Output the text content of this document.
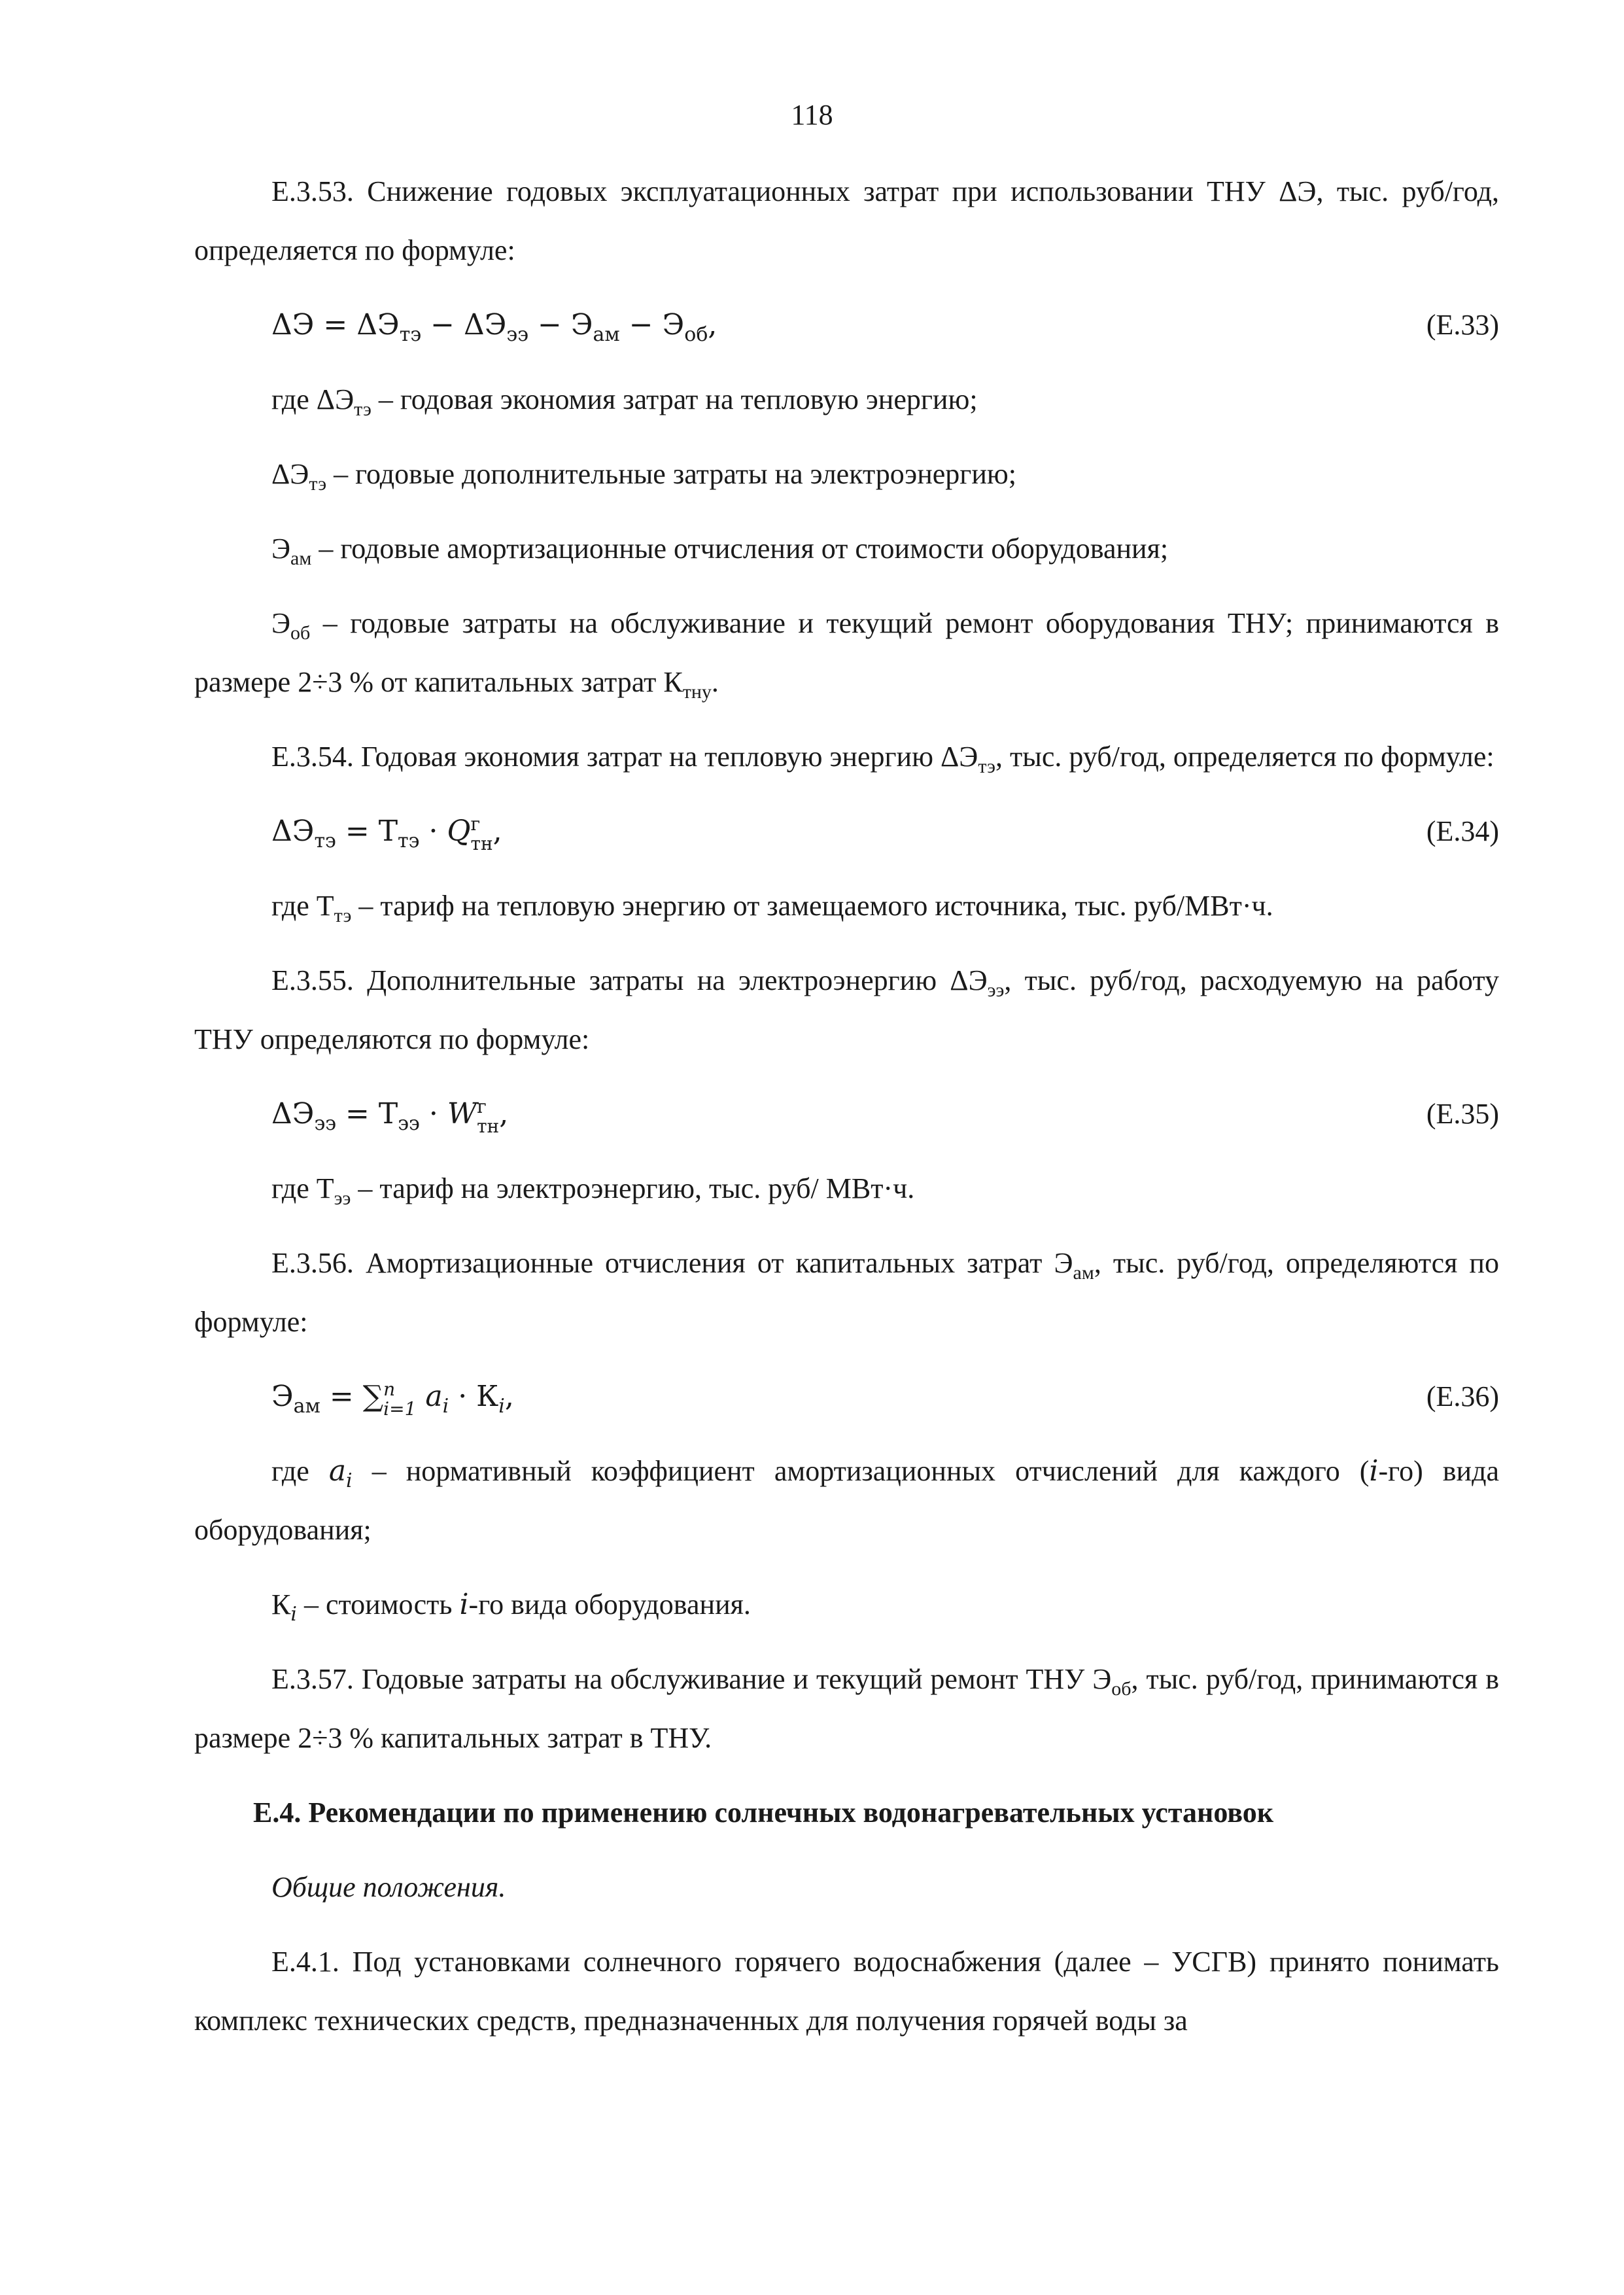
118

Е.3.53. Снижение годовых эксплуатационных затрат при использовании ТНУ ΔЭ, тыс. руб/год, определяется по формуле:

$\Delta Э = \Delta Э_{тэ} - \Delta Э_{ээ} - Э_{ам} - Э_{об}$,	(Е.33)

где $\Delta Э_{тэ}$ – годовая экономия затрат на тепловую энергию;

$\Delta Э_{тэ}$ – годовые дополнительные затраты на электроэнергию;

$Э_{ам}$ – годовые амортизационные отчисления от стоимости оборудования;

$Э_{об}$ – годовые затраты на обслуживание и текущий ремонт оборудования ТНУ; принимаются в размере 2÷3 % от капитальных затрат $К_{тну}$.

Е.3.54. Годовая экономия затрат на тепловую энергию $\Delta Э_{тэ}$, тыс. руб/год, определяется по формуле:

$\Delta Э_{тэ} = Т_{тэ} \cdot Q$ г
тн ,	(Е.34)

где $Т_{тэ}$ – тариф на тепловую энергию от замещаемого источника, тыс. руб/МВт·ч.

Е.3.55. Дополнительные затраты на электроэнергию $\Delta Э_{ээ}$, тыс. руб/год, расходуемую на работу ТНУ определяются по формуле:

$\Delta Э_{ээ} = Т_{ээ} \cdot W$ г
тн ,	(Е.35)

где $Т_{ээ}$ – тариф на электроэнергию, тыс. руб/ МВт·ч.

Е.3.56. Амортизационные отчисления от капитальных затрат $Э_{ам}$, тыс. руб/год, определяются по формуле:

$Э_{ам}$ = ∑ n
i=1 $a_i \cdot К_i$,	(Е.36)

где $a_i$ – нормативный коэффициент амортизационных отчислений для каждого (i-го) вида оборудования;

$К_i$ – стоимость i-го вида оборудования.

Е.3.57. Годовые затраты на обслуживание и текущий ремонт ТНУ $Э_{об}$, тыс. руб/год, принимаются в размере 2÷3 % капитальных затрат в ТНУ.

Е.4. Рекомендации по применению солнечных водонагревательных установок

Общие положения.

Е.4.1. Под установками солнечного горячего водоснабжения (далее – УСГВ) принято понимать комплекс технических средств, предназначенных для получения горячей воды за
